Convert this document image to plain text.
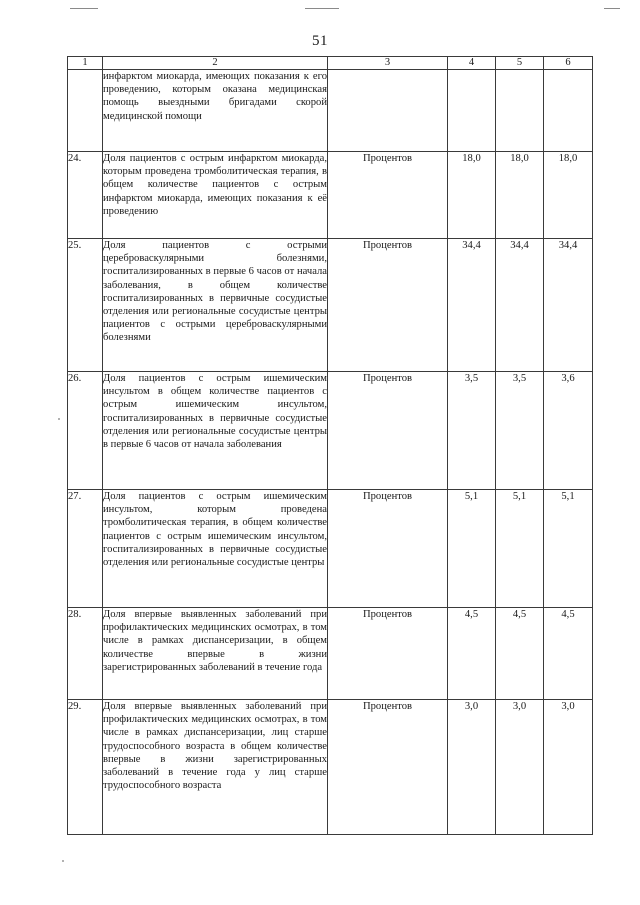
51
1	2	3	4	5	6
	инфарктом миокарда, имеющих показания к его проведению, которым оказана медицинская помощь выездными бригадами скорой медицинской помощи				
24.	Доля пациентов с острым инфарктом миокарда, которым проведена тромболитическая терапия, в общем количестве пациентов с острым инфарктом миокарда, имеющих показания к её проведению	Процентов	18,0	18,0	18,0
25.	Доля пациентов с острыми цереброваскулярными болезнями, госпитализированных в первые 6 часов от начала заболевания, в общем количестве госпитализированных в первичные сосудистые отделения или региональные сосудистые центры пациентов с острыми цереброваскулярными болезнями	Процентов	34,4	34,4	34,4
26.	Доля пациентов с острым ишемическим инсультом в общем количестве пациентов с острым ишемическим инсультом, госпитализированных в первичные сосудистые отделения или региональные сосудистые центры в первые 6 часов от начала заболевания	Процентов	3,5	3,5	3,6
27.	Доля пациентов с острым ишемическим инсультом, которым проведена тромболитическая терапия, в общем количестве пациентов с острым ишемическим инсультом, госпитализированных в первичные сосудистые отделения или региональные сосудистые центры	Процентов	5,1	5,1	5,1
28.	Доля впервые выявленных заболеваний при профилактических медицинских осмотрах, в том числе в рамках диспансеризации, в общем количестве впервые в жизни зарегистрированных заболеваний в течение года	Процентов	4,5	4,5	4,5
29.	Доля впервые выявленных заболеваний при профилактических медицинских осмотрах, в том числе в рамках диспансеризации, лиц старше трудоспособного возраста в общем количестве впервые в жизни зарегистрированных заболеваний в течение года у лиц старше трудоспособного возраста	Процентов	3,0	3,0	3,0
